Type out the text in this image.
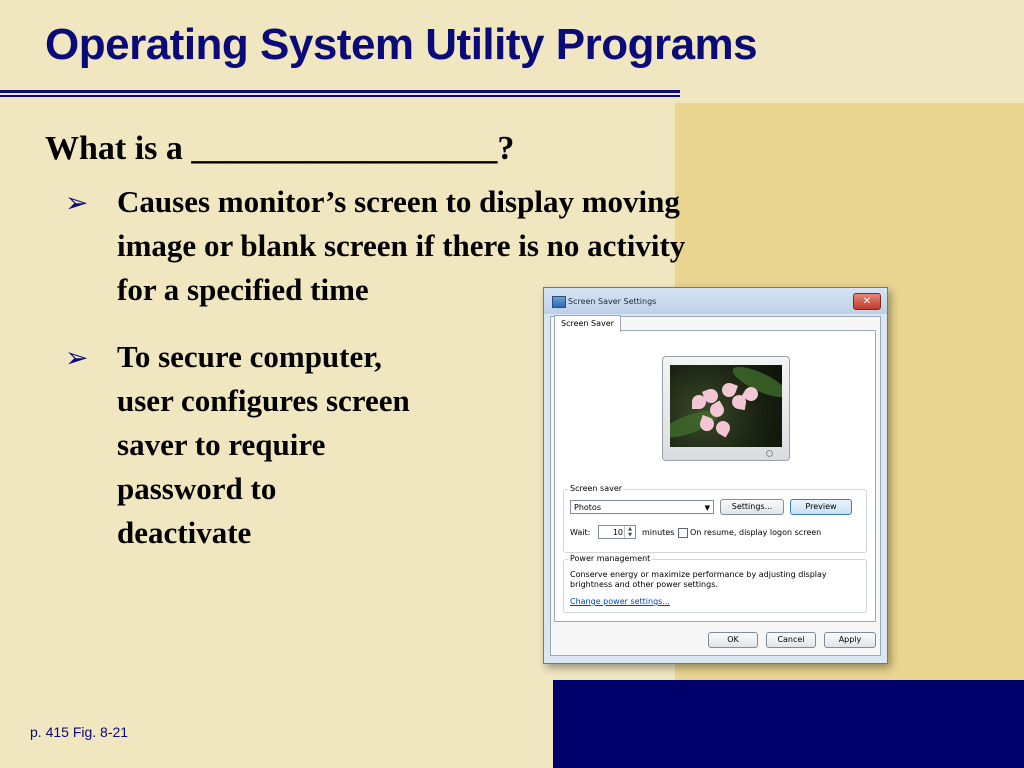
Operating System Utility Programs
What is a __________________?
➢ Causes monitor’s screen to display moving
image or blank screen if there is no activity
for a specified time
➢ To secure computer,
user configures screen
saver to require
password to
deactivate
p. 415 Fig. 8-21
Screen Saver Settings	✕
Screen Saver
Screen saver
Photos	▼	Settings...	Preview
Wait:	10	▲
▼	minutes On resume, display logon screen
Power management
Conserve energy or maximize performance by adjusting display
brightness and other power settings.
Change power settings...
OK	Cancel	Apply
